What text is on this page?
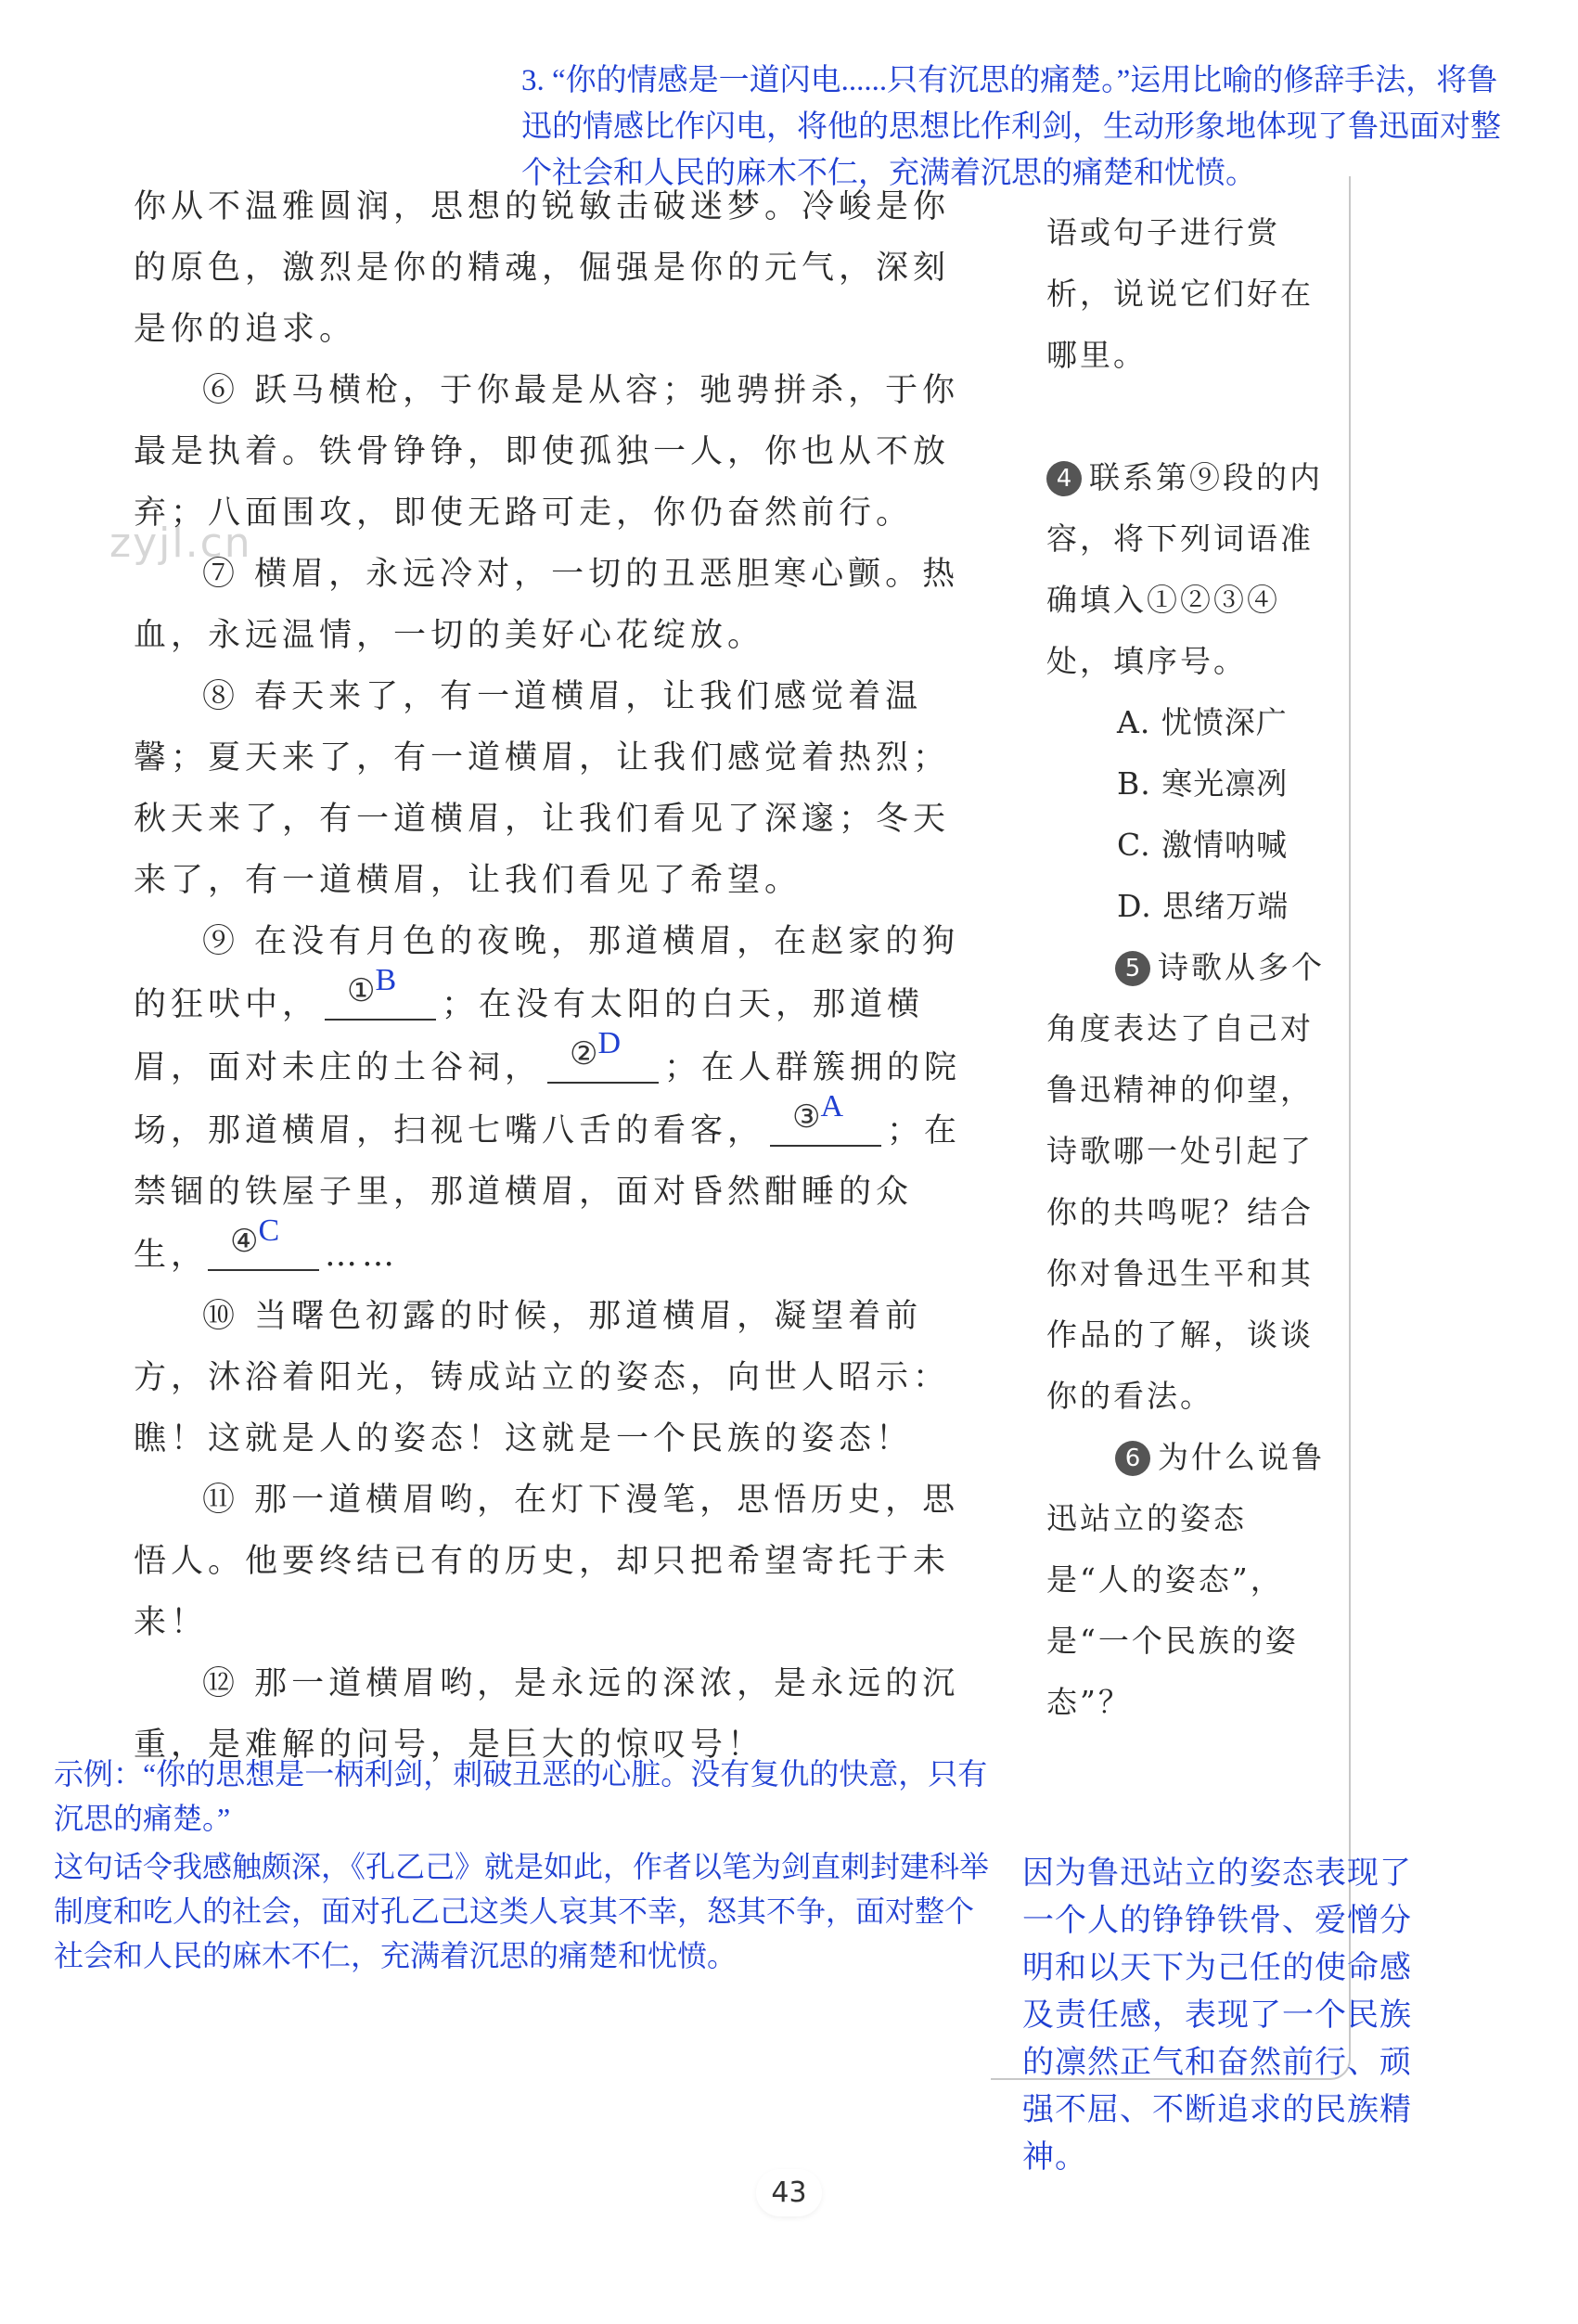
3. “你的情感是一道闪电......只有沉思的痛楚。”运用比喻的修辞手法，将鲁迅的情感比作闪电，将他的思想比作利剑，生动形象地体现了鲁迅面对整个社会和人民的麻木不仁，充满着沉思的痛楚和忧愤。
zyjl.cn

你从不温雅圆润，思想的锐敏击破迷梦。冷峻是你的原色，激烈是你的精魂，倔强是你的元气，深刻是你的追求。

⑥ 跃马横枪，于你最是从容；驰骋拼杀，于你最是执着。铁骨铮铮，即使孤独一人，你也从不放弃；八面围攻，即使无路可走，你仍奋然前行。

⑦ 横眉，永远冷对，一切的丑恶胆寒心颤。热血，永远温情，一切的美好心花绽放。

⑧ 春天来了，有一道横眉，让我们感觉着温馨；夏天来了，有一道横眉，让我们感觉着热烈；秋天来了，有一道横眉，让我们看见了深邃；冬天来了，有一道横眉，让我们看见了希望。

⑨ 在没有月色的夜晚，那道横眉，在赵家的狗的狂吠中， ①B
；在没有太阳的白天，那道横眉，面对未庄的土谷祠， ②D
；在人群簇拥的院场，那道横眉，扫视七嘴八舌的看客， ③A
；在禁锢的铁屋子里，那道横眉，面对昏然酣睡的众生， ④C
……

⑩ 当曙色初露的时候，那道横眉，凝望着前方，沐浴着阳光，铸成站立的姿态，向世人昭示：瞧！这就是人的姿态！这就是一个民族的姿态！

⑪ 那一道横眉哟，在灯下漫笔，思悟历史，思悟人。他要终结已有的历史，却只把希望寄托于未来！

⑫ 那一道横眉哟，是永远的深浓，是永远的沉重，是难解的问号，是巨大的惊叹号！

语或句子进行赏析，说说它们好在哪里。

4 联系第⑨段的内容，将下列词语准确填入①②③④处，填序号。

A. 忧愤深广

B. 寒光凛冽

C. 激情呐喊

D. 思绪万端

5 诗歌从多个角度表达了自己对鲁迅精神的仰望，诗歌哪一处引起了你的共鸣呢？结合你对鲁迅生平和其作品的了解，谈谈你的看法。

6 为什么说鲁迅站立的姿态是“人的姿态”，是“一个民族的姿态”？

示例：“你的思想是一柄利剑，刺破丑恶的心脏。没有复仇的快意，只有沉思的痛楚。”

这句话令我感触颇深，《孔乙己》就是如此，作者以笔为剑直刺封建科举制度和吃人的社会，面对孔乙己这类人哀其不幸，怒其不争，面对整个社会和人民的麻木不仁，充满着沉思的痛楚和忧愤。

因为鲁迅站立的姿态表现了一个人的铮铮铁骨、爱憎分明和以天下为己任的使命感及责任感，表现了一个民族的凛然正气和奋然前行、顽强不屈、不断追求的民族精神。
43
